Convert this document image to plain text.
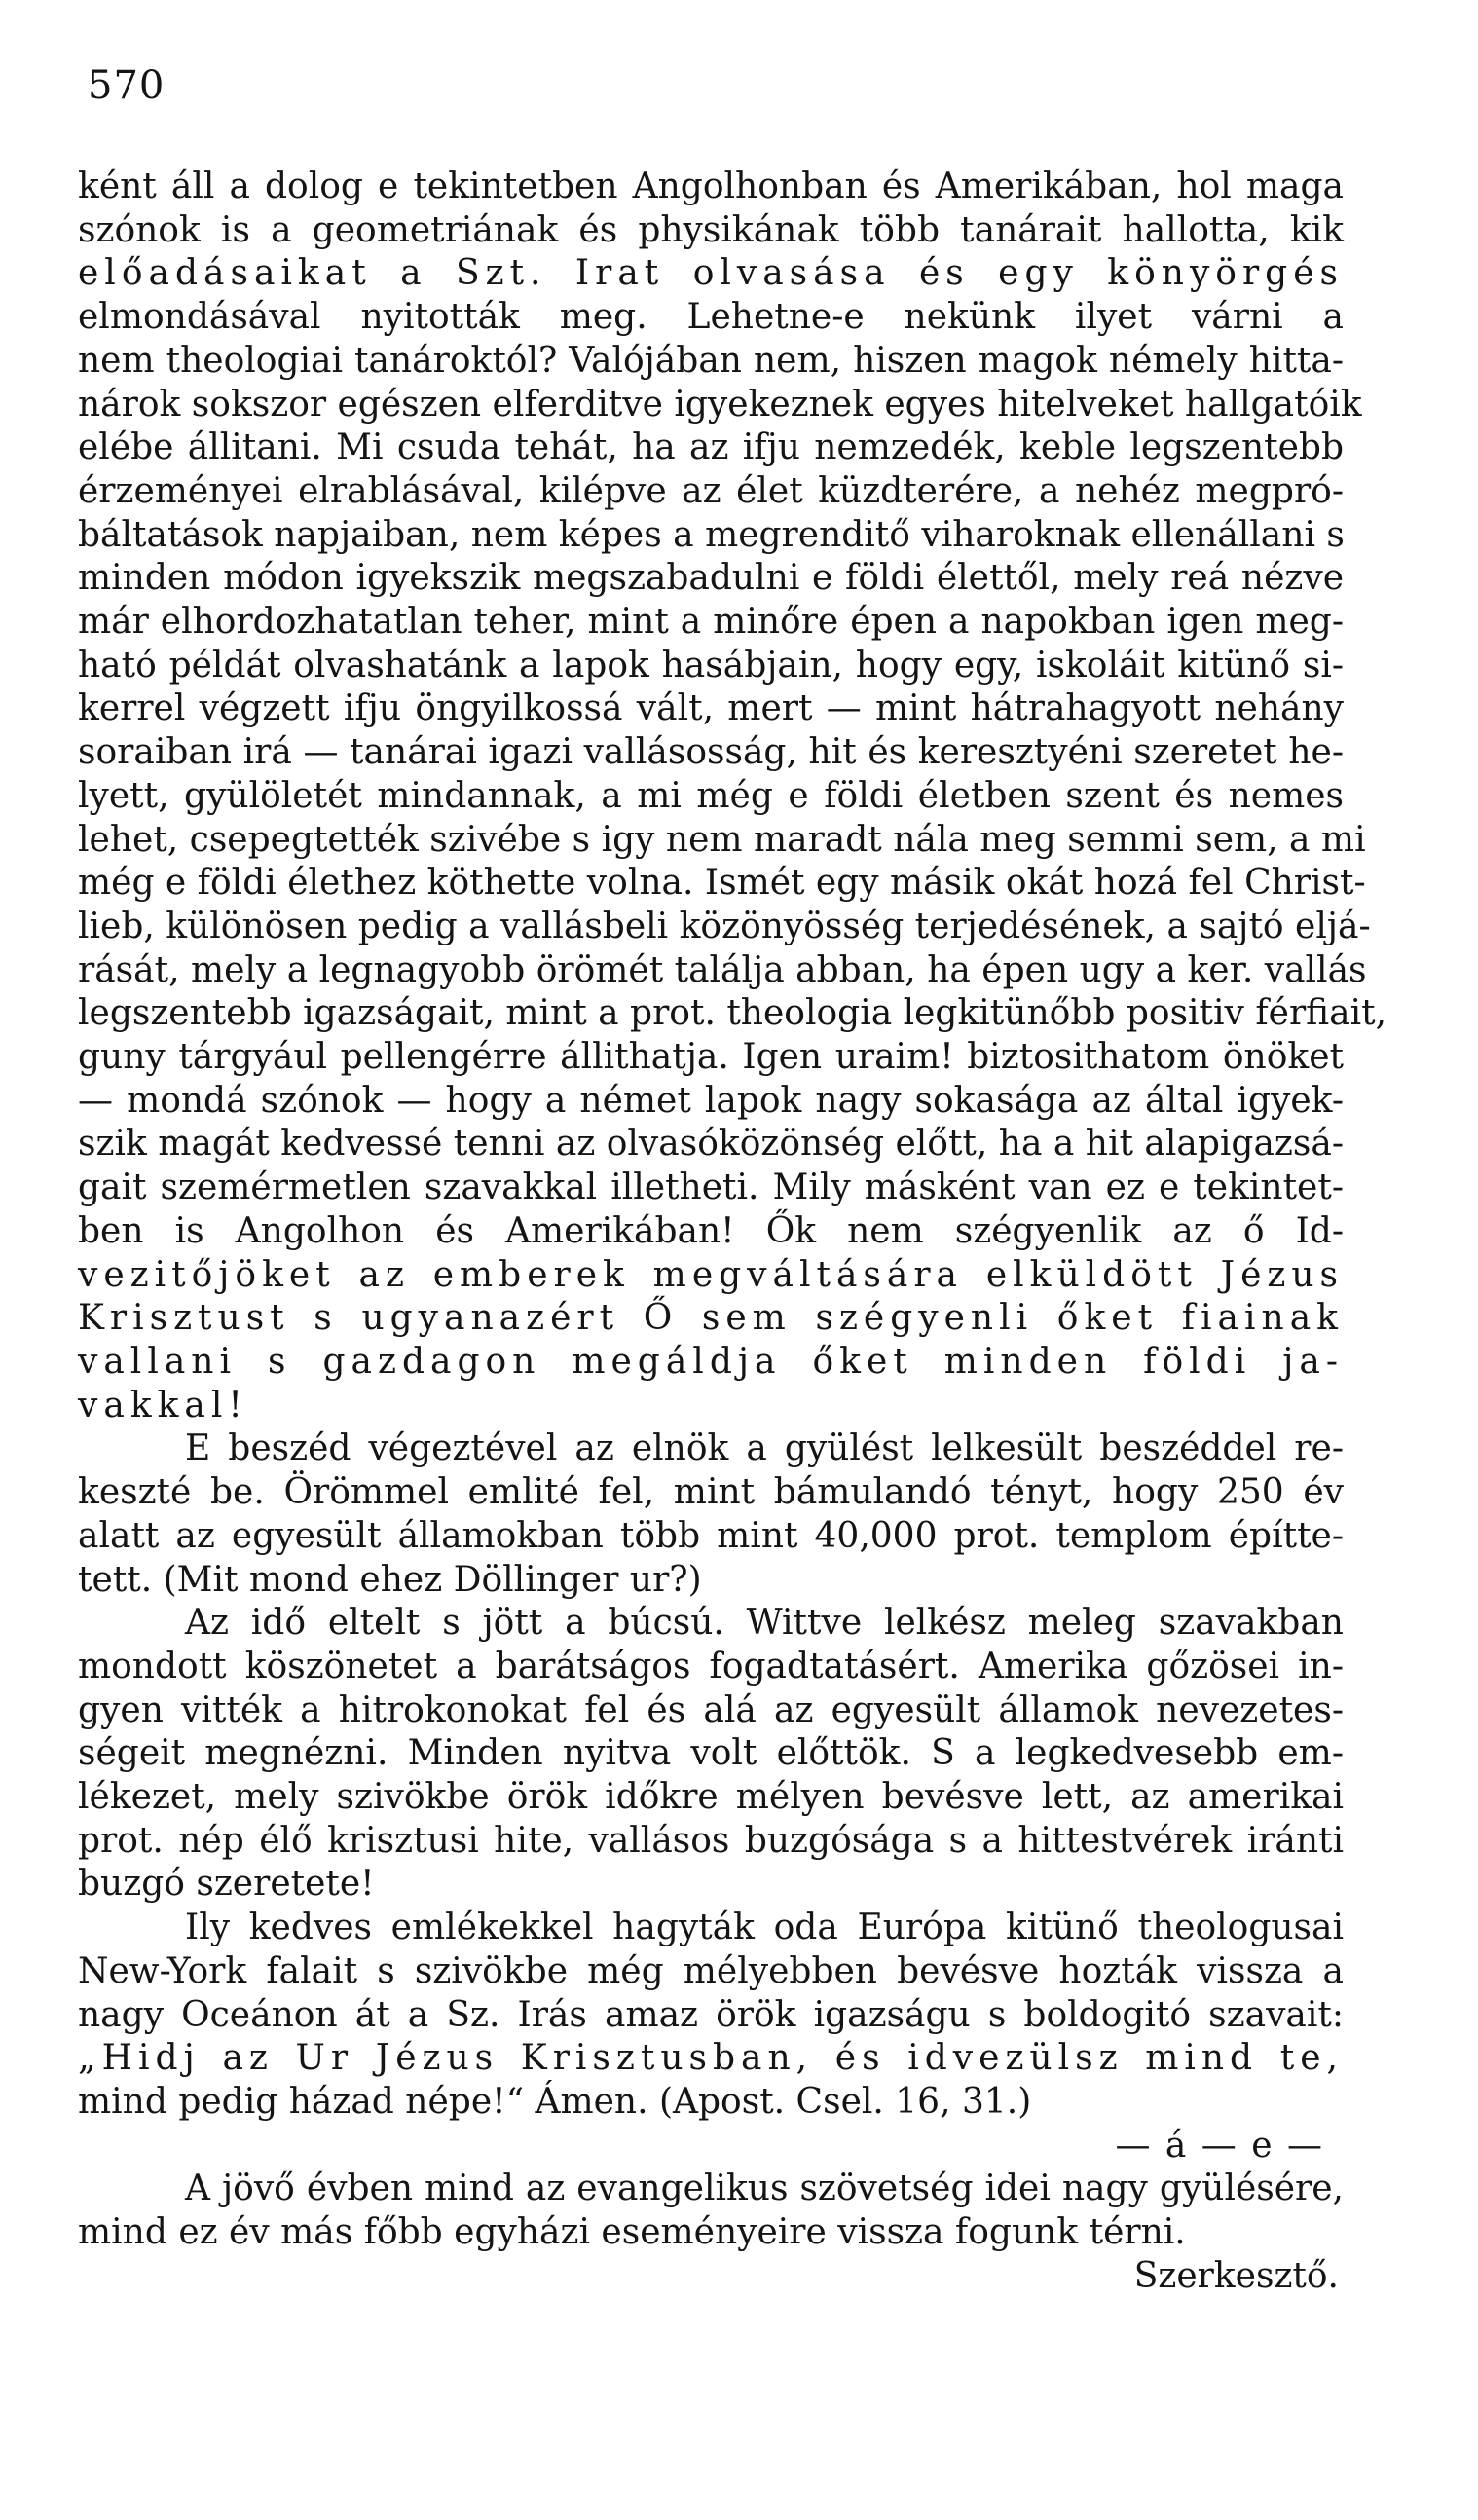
570
ként áll a dolog e tekintetben Angolhonban és Amerikában, hol maga
szónok is a geometriának és physikának több tanárait hallotta, kik
előadásaikat a Szt. Irat olvasása és egy könyörgés
elmondásával nyitották meg. Lehetne-e nekünk ilyet várni a
nem theologiai tanároktól? Valójában nem, hiszen magok némely hitta-
nárok sokszor egészen elferditve igyekeznek egyes hitelveket hallgatóik
elébe állitani. Mi csuda tehát, ha az ifju nemzedék, keble legszentebb
érzeményei elrablásával, kilépve az élet küzdterére, a nehéz megpró-
báltatások napjaiban, nem képes a megrenditő viharoknak ellenállani s
minden módon igyekszik megszabadulni e földi élettől, mely reá nézve
már elhordozhatatlan teher, mint a minőre épen a napokban igen meg-
ható példát olvashatánk a lapok hasábjain, hogy egy, iskoláit kitünő si-
kerrel végzett ifju öngyilkossá vált, mert — mint hátrahagyott nehány
soraiban irá — tanárai igazi vallásosság, hit és keresztyéni szeretet he-
lyett, gyülöletét mindannak, a mi még e földi életben szent és nemes
lehet, csepegtették szivébe s igy nem maradt nála meg semmi sem, a mi
még e földi élethez köthette volna. Ismét egy másik okát hozá fel Christ-
lieb, különösen pedig a vallásbeli közönyösség terjedésének, a sajtó eljá-
rását, mely a legnagyobb örömét találja abban, ha épen ugy a ker. vallás
legszentebb igazságait, mint a prot. theologia legkitünőbb positiv férfiait,
guny tárgyául pellengérre állithatja. Igen uraim! biztosithatom önöket
— mondá szónok — hogy a német lapok nagy sokasága az által igyek-
szik magát kedvessé tenni az olvasóközönség előtt, ha a hit alapigazsá-
gait szemérmetlen szavakkal illetheti. Mily másként van ez e tekintet-
ben is Angolhon és Amerikában! Ők nem szégyenlik az ő Id-
vezitőjöket az emberek megváltására elküldött Jézus
Krisztust s ugyanazért Ő sem szégyenli őket fiainak
vallani s gazdagon megáldja őket minden földi ja-
vakkal!
E beszéd végeztével az elnök a gyülést lelkesült beszéddel re-
keszté be. Örömmel emlité fel, mint bámulandó tényt, hogy 250 év
alatt az egyesült államokban több mint 40,000 prot. templom építte-
tett. (Mit mond ehez Döllinger ur?)
Az idő eltelt s jött a búcsú. Wittve lelkész meleg szavakban
mondott köszönetet a barátságos fogadtatásért. Amerika gőzösei in-
gyen vitték a hitrokonokat fel és alá az egyesült államok nevezetes-
ségeit megnézni. Minden nyitva volt előttök. S a legkedvesebb em-
lékezet, mely szivökbe örök időkre mélyen bevésve lett, az amerikai
prot. nép élő krisztusi hite, vallásos buzgósága s a hittestvérek iránti
buzgó szeretete!
Ily kedves emlékekkel hagyták oda Európa kitünő theologusai
New-York falait s szivökbe még mélyebben bevésve hozták vissza a
nagy Oceánon át a Sz. Irás amaz örök igazságu s boldogitó szavait:
„Hidj az Ur Jézus Krisztusban, és idvezülsz mind te,
mind pedig házad népe!“ Ámen. (Apost. Csel. 16, 31.)
— á — e —
A jövő évben mind az evangelikus szövetség idei nagy gyülésére,
mind ez év más főbb egyházi eseményeire vissza fogunk térni.
Szerkesztő.
